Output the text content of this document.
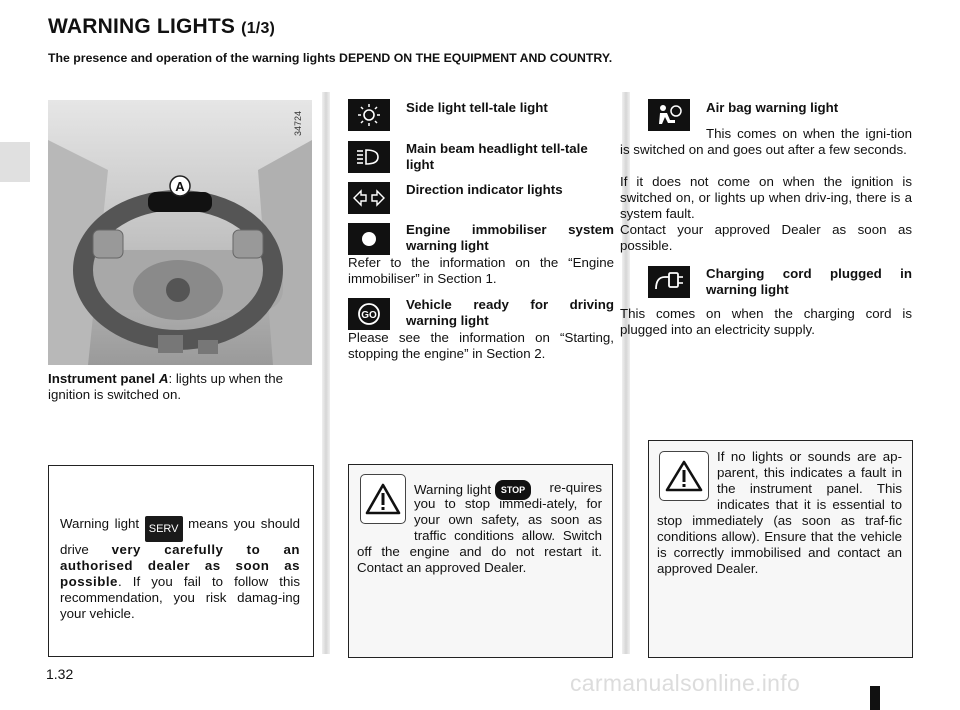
WARNING LIGHTS (1/3)
The presence and operation of the warning lights DEPEND ON THE EQUIPMENT AND COUNTRY.
A
34724
Instrument panel A: lights up when the ignition is switched on.
Side light tell-tale light
Main beam headlight tell-tale light
Direction indicator lights
Engine immobiliser system warning light
Refer to the information on the “Engine immobiliser” in Section 1.
GO
Vehicle ready for driving warning light
Please see the information on “Starting, stopping the engine” in Section 2.
Air bag warning light
This comes on when the igni-tion is switched on and goes out after a few seconds.
If it does not come on when the ignition is switched on, or lights up when driv-ing, there is a system fault.
Contact your approved Dealer as soon as possible.
Charging cord plugged in warning light
This comes on when the charging cord is plugged into an electricity supply.
Warning light SERV means you should drive very carefully to an authorised dealer as soon as possible. If you fail to follow this recommendation, you risk damag-ing your vehicle.
Warning light STOP	re-quires you to stop immedi-ately, for your own safety, as soon as traffic conditions allow. Switch off the engine and do not restart it. Contact an approved Dealer.
If no lights or sounds are ap-parent, this indicates a fault in the instrument panel. This indicates that it is essential to stop immediately (as soon as traf-fic conditions allow). Ensure that the vehicle is correctly immobilised and contact an approved Dealer.
1.32	carmanualsonline.info
